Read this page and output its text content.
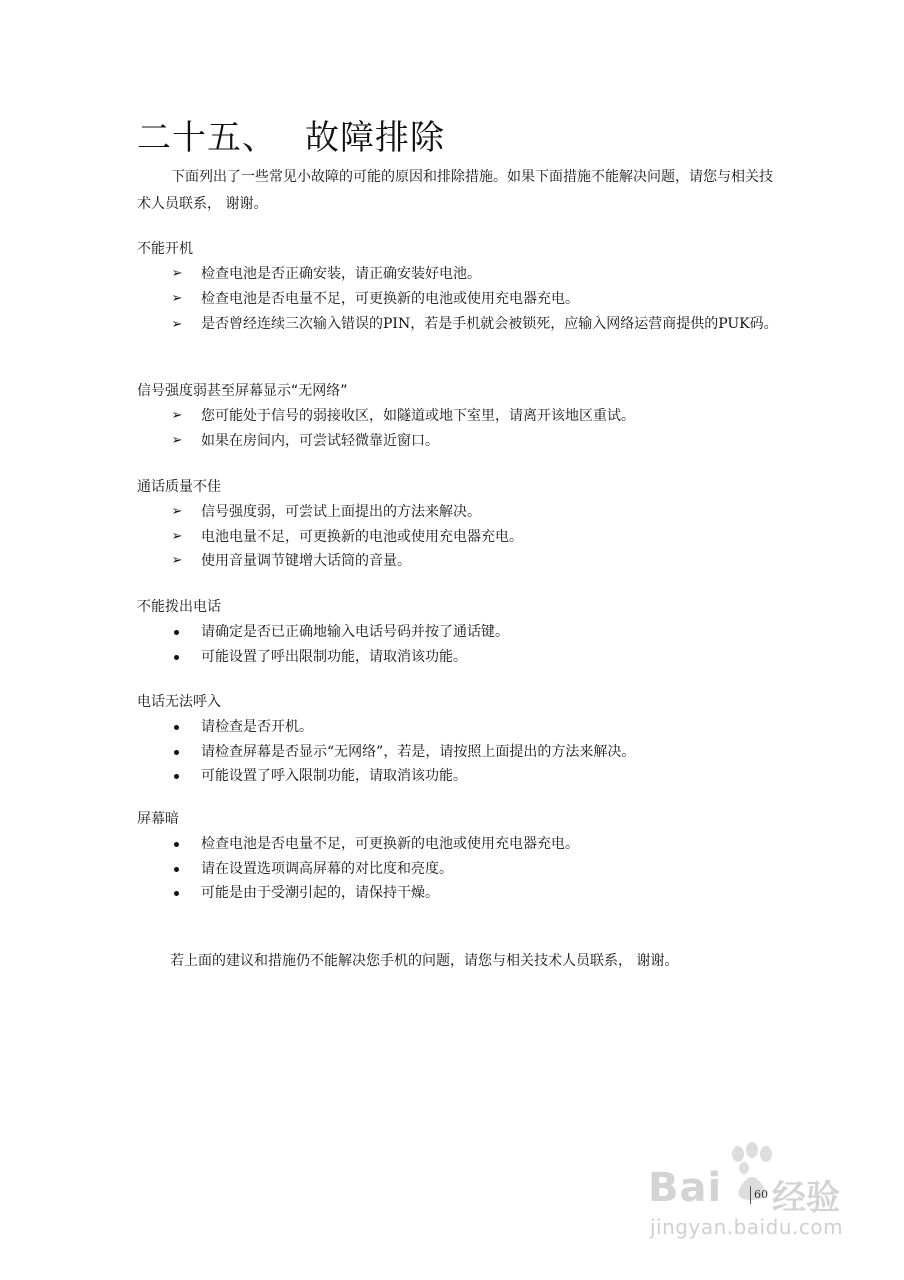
二十五、 故障排除

下面列出了一些常见小故障的可能的原因和排除措施。如果下面措施不能解决问题，请您与相关技术人员联系， 谢谢。

不能开机
➢ 检查电池是否正确安装，请正确安装好电池。
➢ 检查电池是否电量不足，可更换新的电池或使用充电器充电。
➢ 是否曾经连续三次输入错误的PIN，若是手机就会被锁死，应输入网络运营商提供的PUK码。
信号强度弱甚至屏幕显示“无网络”
➢ 您可能处于信号的弱接收区，如隧道或地下室里，请离开该地区重试。
➢ 如果在房间内，可尝试轻微靠近窗口。
通话质量不佳
➢ 信号强度弱，可尝试上面提出的方法来解决。
➢ 电池电量不足，可更换新的电池或使用充电器充电。
➢ 使用音量调节键增大话筒的音量。
不能拨出电话
请确定是否已正确地输入电话号码并按了通话键。
可能设置了呼出限制功能，请取消该功能。
电话无法呼入
请检查是否开机。
请检查屏幕是否显示“无网络”，若是，请按照上面提出的方法来解决。
可能设置了呼入限制功能，请取消该功能。
屏幕暗
检查电池是否电量不足，可更换新的电池或使用充电器充电。
请在设置选项调高屏幕的对比度和亮度。
可能是由于受潮引起的，请保持干燥。

若上面的建议和措施仍不能解决您手机的问题，请您与相关技术人员联系， 谢谢。

Bai 经验
jingyan.baidu.com
60
